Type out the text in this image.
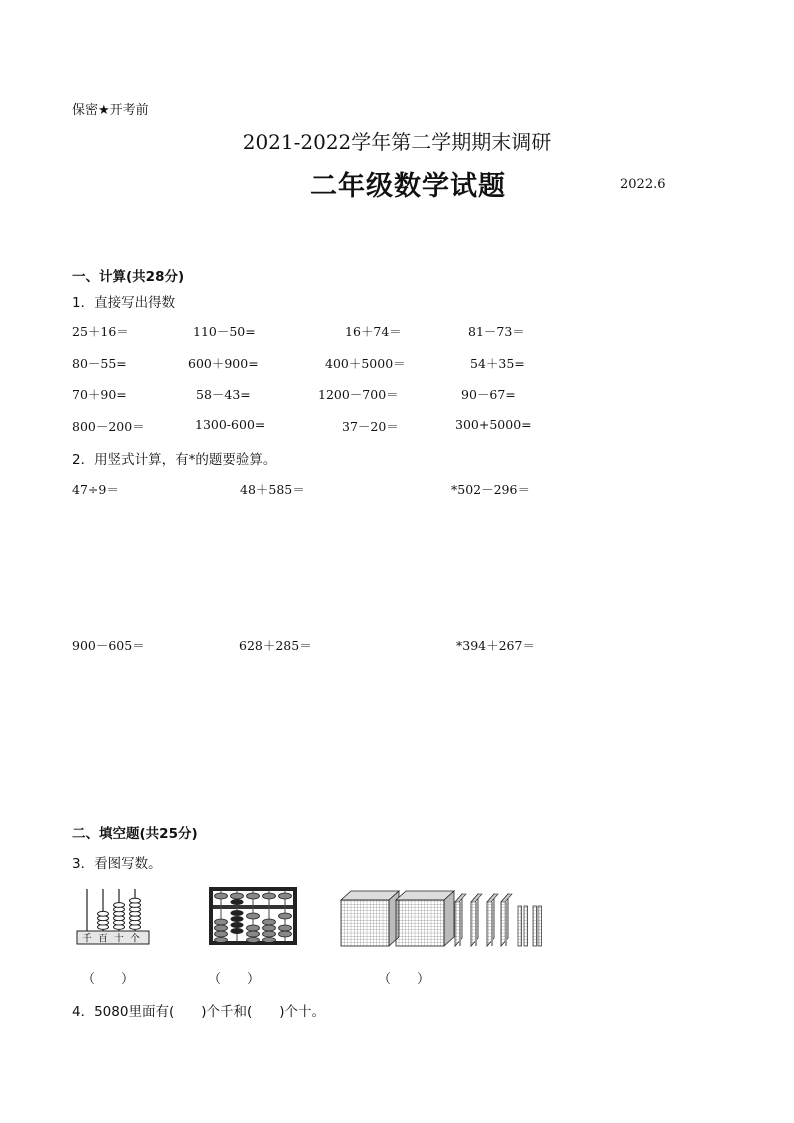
保密★开考前
2021-2022学年第二学期期末调研
二年级数学试题	2022.6
一、计算(共28分)
1．直接写出得数
25＋16＝	110－50=	16＋74＝	81－73＝
80－55=	600＋900=	400＋5000＝	54＋35=
70＋90=	58－43=	1200－700＝	90－67=
800－200＝	1300-600=	37－20＝	300+5000=
2．用竖式计算，有*的题要验算。
47÷9＝	48＋585＝	*502－296＝
900－605＝	628＋285＝	*394＋267＝
二、填空题(共25分)
3．看图写数。
千 百 十 个
（　　）	（　　）	（　　）
4．5080里面有(　　)个千和(　　)个十。
